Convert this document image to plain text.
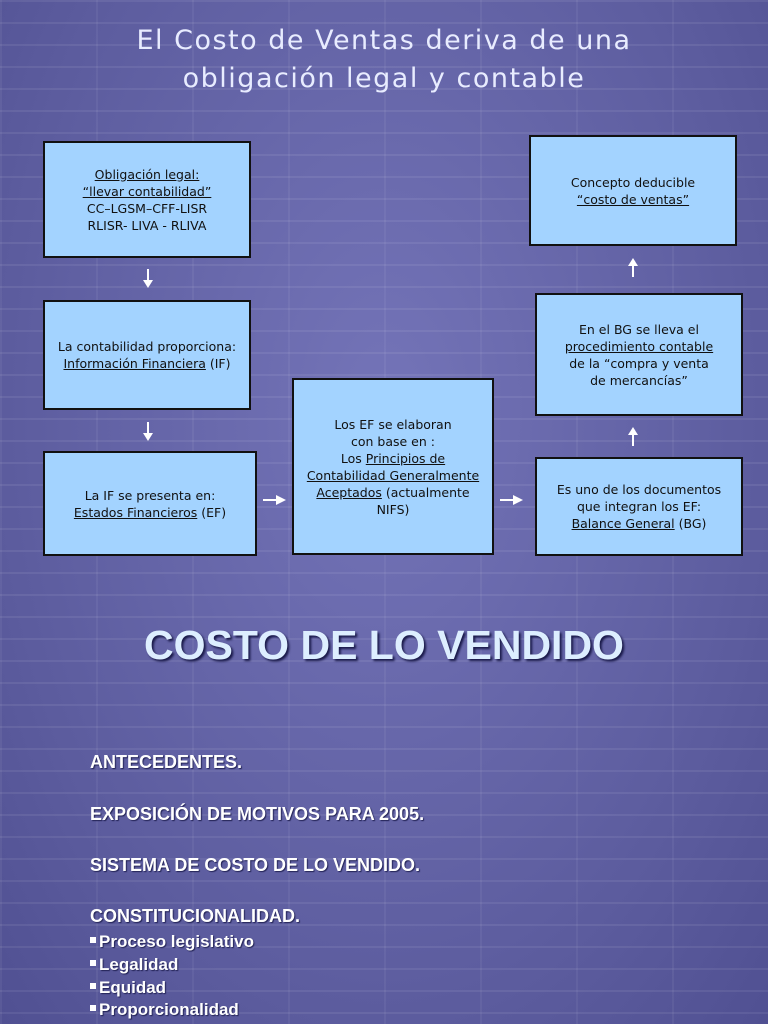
El Costo de Ventas deriva de una
obligación legal y contable
Obligación legal:
“llevar contabilidad”
CC–LGSM–CFF-LISR
RLISR- LIVA - RLIVA
La contabilidad proporciona:
Información Financiera (IF)
La IF se presenta en:
Estados Financieros (EF)
Los EF se elaboran
con base en :
Los Principios de
Contabilidad Generalmente
Aceptados (actualmente
NIFS)
Es uno de los documentos
que integran los EF:
Balance General (BG)
En el BG se lleva el
procedimiento contable
de la “compra y venta
de mercancías”
Concepto deducible
“costo de ventas”
COSTO DE LO VENDIDO

ANTECEDENTES.

EXPOSICIÓN DE MOTIVOS PARA 2005.

SISTEMA DE COSTO DE LO VENDIDO.

CONSTITUCIONALIDAD.

Proceso legislativo

Legalidad

Equidad

Proporcionalidad
